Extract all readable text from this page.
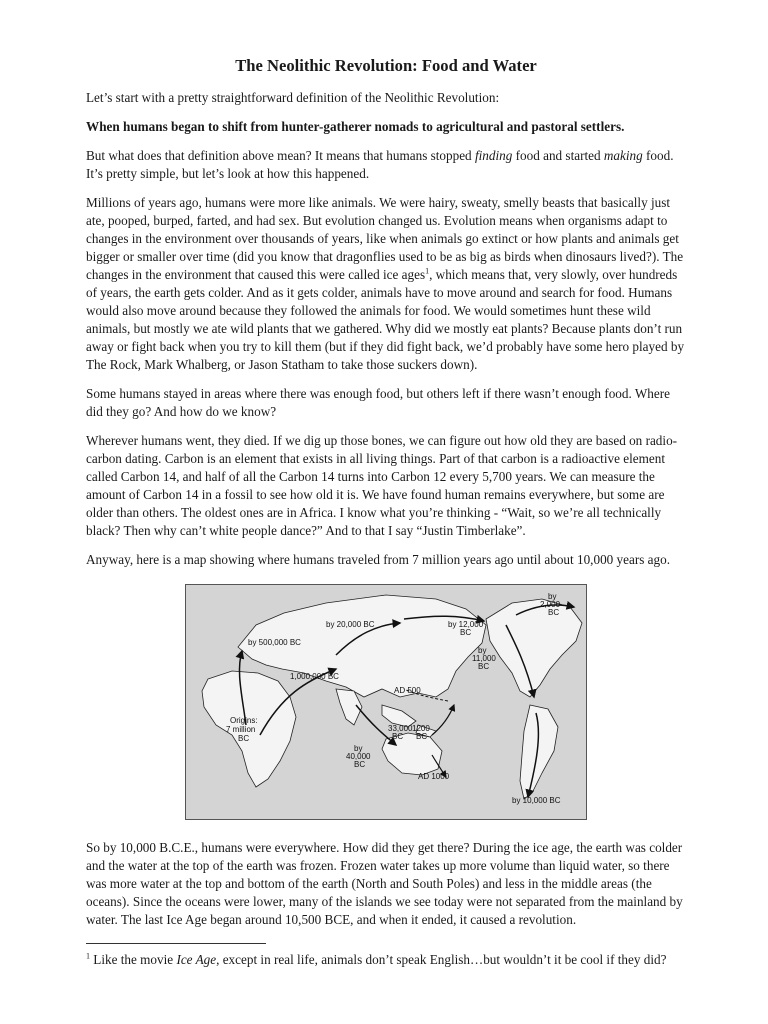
The Neolithic Revolution: Food and Water

Let’s start with a pretty straightforward definition of the Neolithic Revolution:

When humans began to shift from hunter-gatherer nomads to agricultural and pastoral settlers.

But what does that definition above mean? It means that humans stopped finding food and started making food. It’s pretty simple, but let’s look at how this happened.

Millions of years ago, humans were more like animals. We were hairy, sweaty, smelly beasts that basically just ate, pooped, burped, farted, and had sex. But evolution changed us. Evolution means when organisms adapt to changes in the environment over thousands of years, like when animals go extinct or how plants and animals get bigger or smaller over time (did you know that dragonflies used to be as big as birds when dinosaurs lived?). The changes in the environment that caused this were called ice ages$^1$, which means that, very slowly, over hundreds of years, the earth gets colder. And as it gets colder, animals have to move around and search for food. Humans would also move around because they followed the animals for food. We would sometimes hunt these wild animals, but mostly we ate wild plants that we gathered. Why did we mostly eat plants? Because plants don’t run away or fight back when you try to kill them (but if they did fight back, we’d probably have some hero played by The Rock, Mark Whalberg, or Jason Statham to take those suckers down).

Some humans stayed in areas where there was enough food, but others left if there wasn’t enough food. Where did they go? And how do we know?

Wherever humans went, they died. If we dig up those bones, we can figure out how old they are based on radio-carbon dating. Carbon is an element that exists in all living things. Part of that carbon is a radioactive element called Carbon 14, and half of all the Carbon 14 turns into Carbon 12 every 5,700 years. We can measure the amount of Carbon 14 in a fossil to see how old it is. We have found human remains everywhere, but some are older than others. The oldest ones are in Africa. I know what you’re thinking - “Wait, so we’re all technically black? Then why can’t white people dance?” And to that I say “Justin Timberlake”.

Anyway, here is a map showing where humans traveled from 7 million years ago until about 10,000 years ago.

Origins: 7 million BC
by 500,000 BC
1,000,000 BC
by 20,000 BC	by 12,000 BC
by 2,000 BC
by 11,000 BC
AD 500
1200 BC
33,000 BC
by 40,000 BC
AD 1000
by 10,000 BC

So by 10,000 B.C.E., humans were everywhere. How did they get there? During the ice age, the earth was colder and the water at the top of the earth was frozen. Frozen water takes up more volume than liquid water, so there was more water at the top and bottom of the earth (North and South Poles) and less in the middle areas (the oceans). Since the oceans were lower, many of the islands we see today were not separated from the mainland by water. The last Ice Age began around 10,500 BCE, and when it ended, it caused a revolution.

$^1$ Like the movie Ice Age, except in real life, animals don’t speak English…but wouldn’t it be cool if they did?
